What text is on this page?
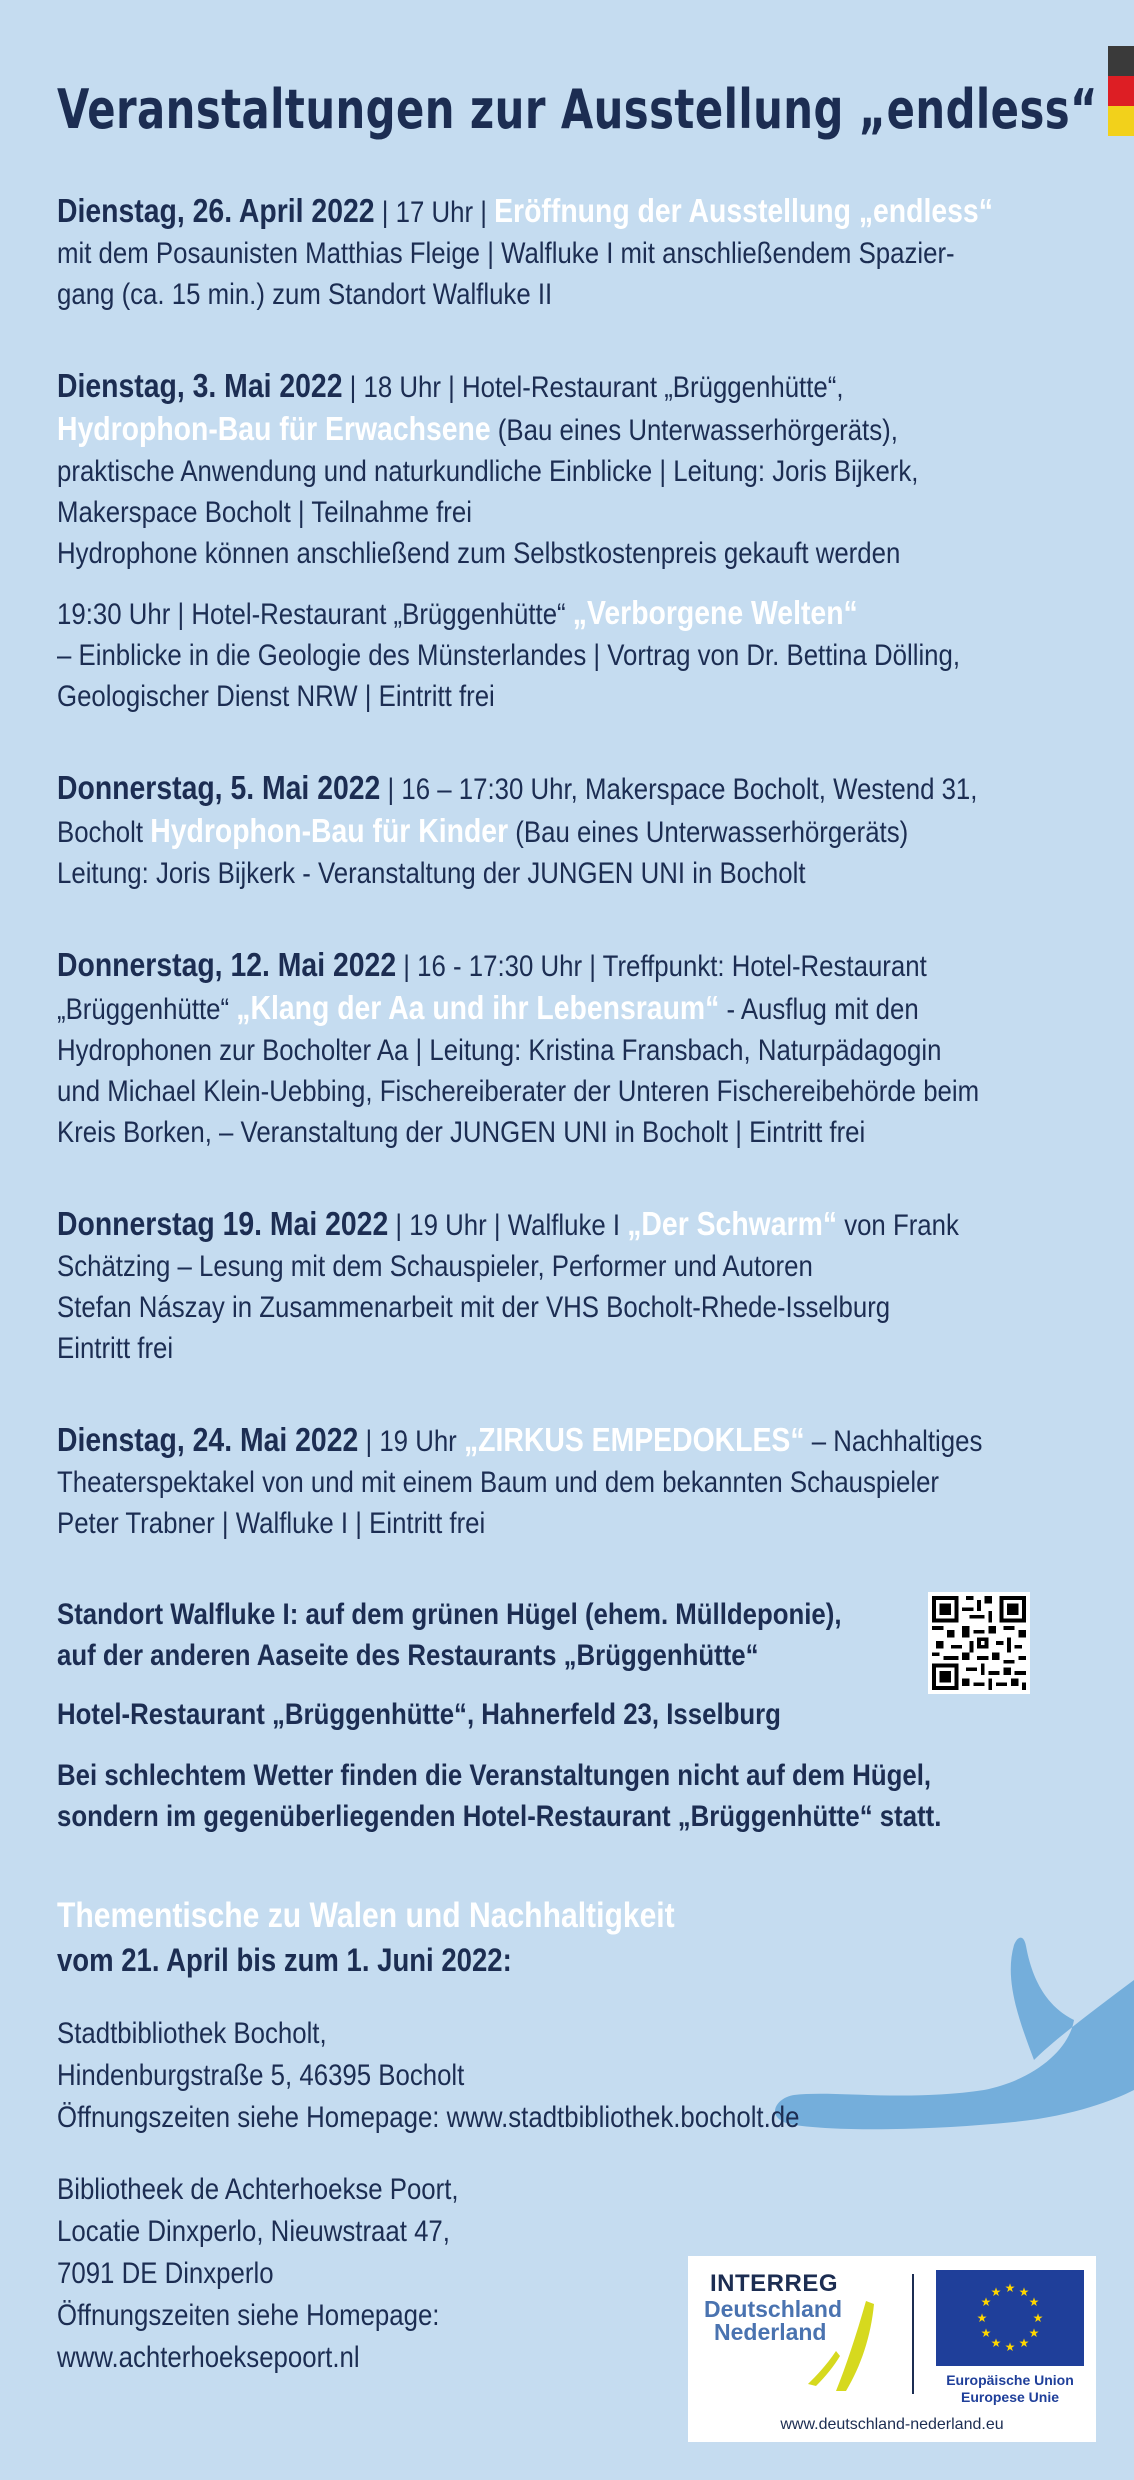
Veranstaltungen zur Ausstellung „endless“

Dienstag, 26. April 2022 | 17 Uhr | Eröffnung der Ausstellung „endless“

mit dem Posaunisten Matthias Fleige | Walfluke I mit anschließendem Spazier-

gang (ca. 15 min.) zum Standort Walfluke II

Dienstag, 3. Mai 2022 | 18 Uhr | Hotel-Restaurant „Brüggenhütte“,

Hydrophon-Bau für Erwachsene (Bau eines Unterwasserhörgeräts),

praktische Anwendung und naturkundliche Einblicke | Leitung: Joris Bijkerk,

Makerspace Bocholt | Teilnahme frei

Hydrophone können anschließend zum Selbstkostenpreis gekauft werden

19:30 Uhr | Hotel-Restaurant „Brüggenhütte“ „Verborgene Welten“

– Einblicke in die Geologie des Münsterlandes | Vortrag von Dr. Bettina Dölling,

Geologischer Dienst NRW | Eintritt frei

Donnerstag, 5. Mai 2022 | 16 – 17:30 Uhr, Makerspace Bocholt, Westend 31,

Bocholt Hydrophon-Bau für Kinder (Bau eines Unterwasserhörgeräts)

Leitung: Joris Bijkerk - Veranstaltung der JUNGEN UNI in Bocholt

Donnerstag, 12. Mai 2022 | 16 - 17:30 Uhr | Treffpunkt: Hotel-Restaurant

„Brüggenhütte“ „Klang der Aa und ihr Lebensraum“ - Ausflug mit den

Hydrophonen zur Bocholter Aa | Leitung: Kristina Fransbach, Naturpädagogin

und Michael Klein-Uebbing, Fischereiberater der Unteren Fischereibehörde beim

Kreis Borken, – Veranstaltung der JUNGEN UNI in Bocholt | Eintritt frei

Donnerstag 19. Mai 2022 | 19 Uhr | Walfluke I „Der Schwarm“ von Frank

Schätzing – Lesung mit dem Schauspieler, Performer und Autoren

Stefan Nászay in Zusammenarbeit mit der VHS Bocholt-Rhede-Isselburg

Eintritt frei

Dienstag, 24. Mai 2022 | 19 Uhr „ZIRKUS EMPEDOKLES“ – Nachhaltiges

Theaterspektakel von und mit einem Baum und dem bekannten Schauspieler

Peter Trabner | Walfluke I | Eintritt frei

Standort Walfluke I: auf dem grünen Hügel (ehem. Mülldeponie),

auf der anderen Aaseite des Restaurants „Brüggenhütte“

Hotel-Restaurant „Brüggenhütte“, Hahnerfeld 23, Isselburg

Bei schlechtem Wetter finden die Veranstaltungen nicht auf dem Hügel,

sondern im gegenüberliegenden Hotel-Restaurant „Brüggenhütte“ statt.

Thementische zu Walen und Nachhaltigkeit

vom 21. April bis zum 1. Juni 2022:

Stadtbibliothek Bocholt,

Hindenburgstraße 5, 46395 Bocholt

Öffnungszeiten siehe Homepage: www.stadtbibliothek.bocholt.de

Bibliotheek de Achterhoekse Poort,

Locatie Dinxperlo, Nieuwstraat 47,

7091 DE Dinxperlo

Öffnungszeiten siehe Homepage:

www.achterhoeksepoort.nl

INTERREG
Deutschland
Nederland
★ ★
★
★
★
★
★
★
★
★
★
★
Europäische Union
Europese Unie
www.deutschland-nederland.eu
